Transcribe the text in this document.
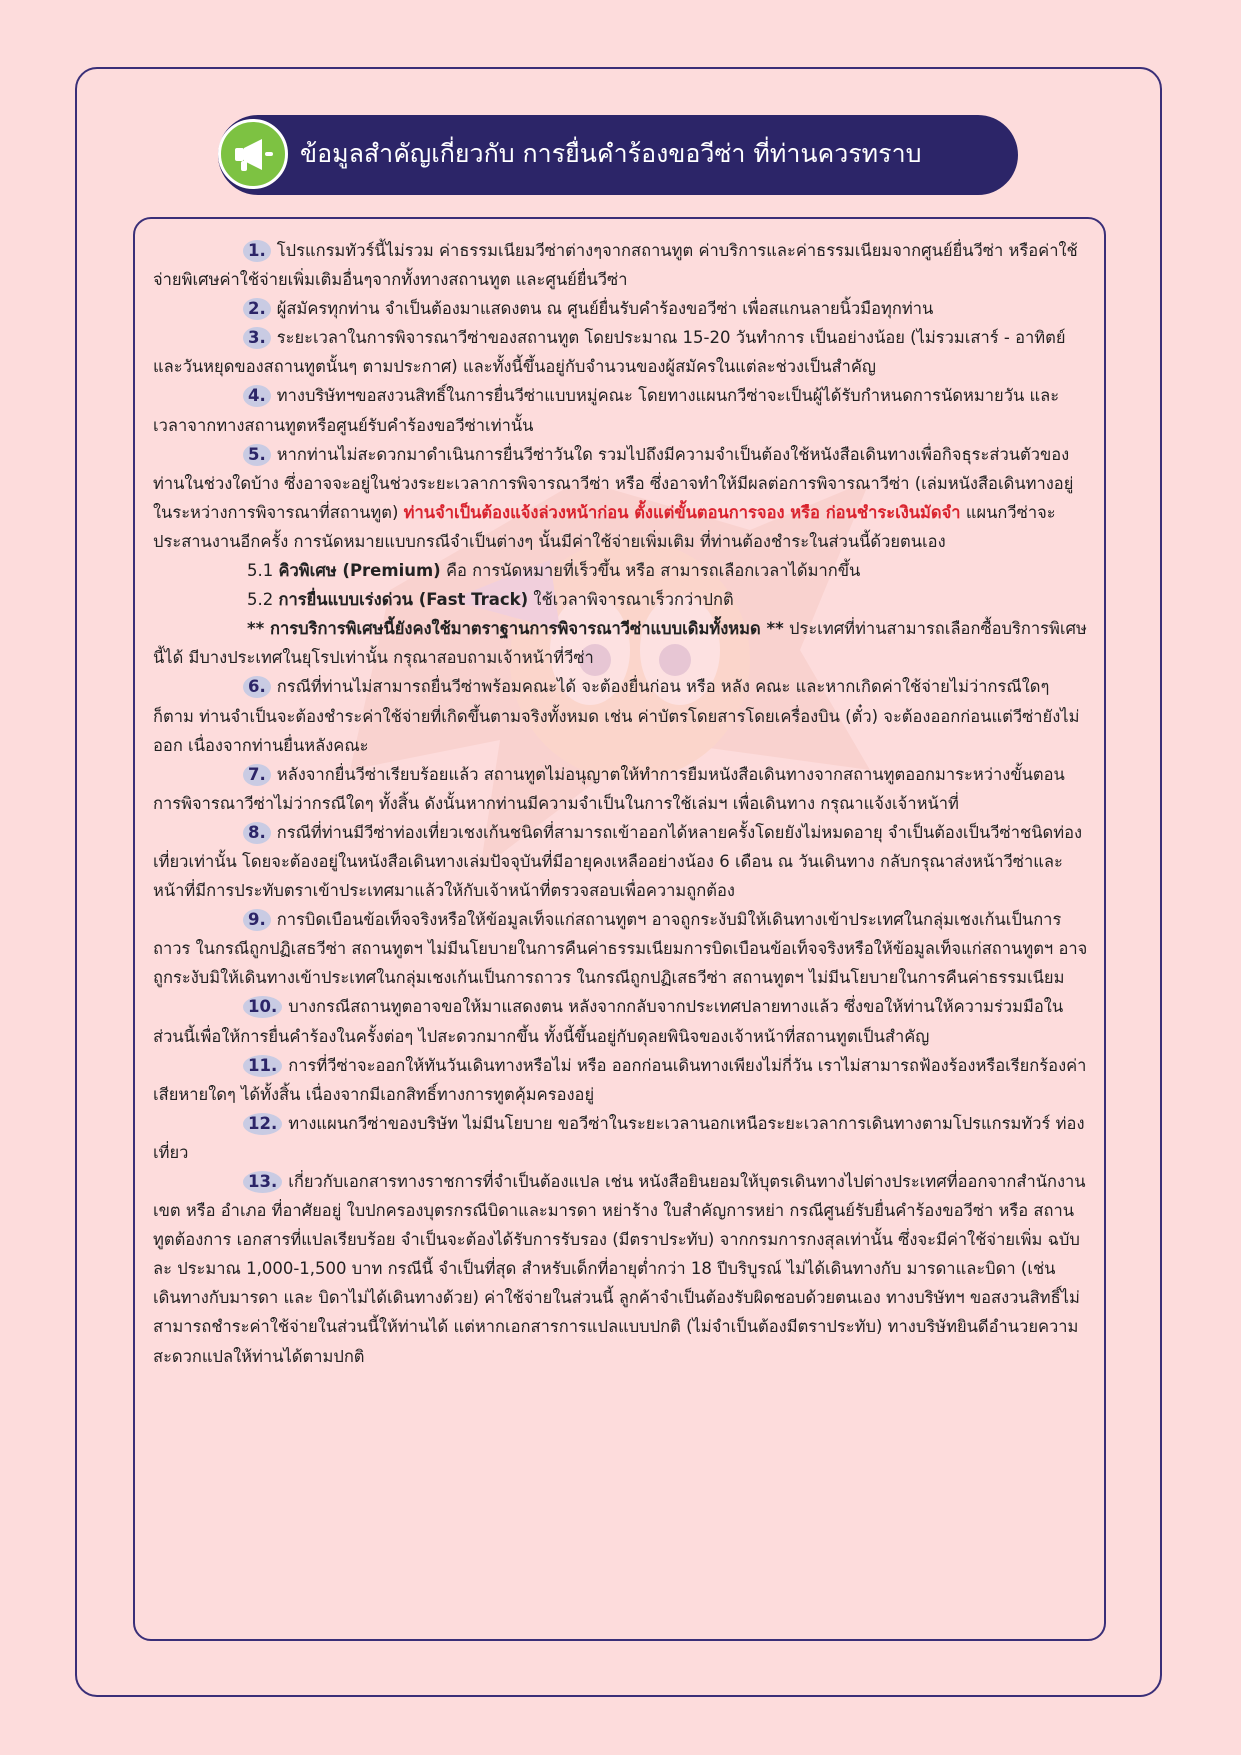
ข้อมูลสำคัญเกี่ยวกับ การยื่นคำร้องขอวีซ่า ที่ท่านควรทราบ

1. โปรแกรมทัวร์นี้ไม่รวม ค่าธรรมเนียมวีซ่าต่างๆจากสถานทูต ค่าบริการและค่าธรรมเนียมจากศูนย์ยื่นวีซ่า หรือค่าใช้จ่ายพิเศษค่าใช้จ่ายเพิ่มเติมอื่นๆจากทั้งทางสถานทูต และศูนย์ยื่นวีซ่า

2. ผู้สมัครทุกท่าน จำเป็นต้องมาแสดงตน ณ ศูนย์ยื่นรับคำร้องขอวีซ่า เพื่อสแกนลายนิ้วมือทุกท่าน

3. ระยะเวลาในการพิจารณาวีซ่าของสถานทูต โดยประมาณ 15-20 วันทำการ เป็นอย่างน้อย (ไม่รวมเสาร์ - อาทิตย์ และวันหยุดของสถานทูตนั้นๆ ตามประกาศ) และทั้งนี้ขึ้นอยู่กับจำนวนของผู้สมัครในแต่ละช่วงเป็นสำคัญ

4. ทางบริษัทฯขอสงวนสิทธิ์ในการยื่นวีซ่าแบบหมู่คณะ โดยทางแผนกวีซ่าจะเป็นผู้ได้รับกำหนดการนัดหมายวัน และเวลาจากทางสถานทูตหรือศูนย์รับคำร้องขอวีซ่าเท่านั้น

5. หากท่านไม่สะดวกมาดำเนินการยื่นวีซ่าวันใด รวมไปถึงมีความจำเป็นต้องใช้หนังสือเดินทางเพื่อกิจธุระส่วนตัวของท่านในช่วงใดบ้าง ซึ่งอาจจะอยู่ในช่วงระยะเวลาการพิจารณาวีซ่า หรือ ซึ่งอาจทำให้มีผลต่อการพิจารณาวีซ่า (เล่มหนังสือเดินทางอยู่ในระหว่างการพิจารณาที่สถานทูต) ท่านจำเป็นต้องแจ้งล่วงหน้าก่อน ตั้งแต่ขั้นตอนการจอง หรือ ก่อนชำระเงินมัดจำ แผนกวีซ่าจะประสานงานอีกครั้ง การนัดหมายแบบกรณีจำเป็นต่างๆ นั้นมีค่าใช้จ่ายเพิ่มเติม ที่ท่านต้องชำระในส่วนนี้ด้วยตนเอง

5.1 คิวพิเศษ (Premium) คือ การนัดหมายที่เร็วขึ้น หรือ สามารถเลือกเวลาได้มากขึ้น

5.2 การยื่นแบบเร่งด่วน (Fast Track) ใช้เวลาพิจารณาเร็วกว่าปกติ

** การบริการพิเศษนี้ยังคงใช้มาตราฐานการพิจารณาวีซ่าแบบเดิมทั้งหมด ** ประเทศที่ท่านสามารถเลือกซื้อบริการพิเศษนี้ได้ มีบางประเทศในยุโรปเท่านั้น กรุณาสอบถามเจ้าหน้าที่วีซ่า

6. กรณีที่ท่านไม่สามารถยื่นวีซ่าพร้อมคณะได้ จะต้องยื่นก่อน หรือ หลัง คณะ และหากเกิดค่าใช้จ่ายไม่ว่ากรณีใดๆ ก็ตาม ท่านจำเป็นจะต้องชำระค่าใช้จ่ายที่เกิดขึ้นตามจริงทั้งหมด เช่น ค่าบัตรโดยสารโดยเครื่องบิน (ตั๋ว) จะต้องออกก่อนแต่วีซ่ายังไม่ออก เนื่องจากท่านยื่นหลังคณะ

7. หลังจากยื่นวีซ่าเรียบร้อยแล้ว สถานทูตไม่อนุญาตให้ทำการยืมหนังสือเดินทางจากสถานทูตออกมาระหว่างขั้นตอนการพิจารณาวีซ่าไม่ว่ากรณีใดๆ ทั้งสิ้น ดังนั้นหากท่านมีความจำเป็นในการใช้เล่มฯ เพื่อเดินทาง กรุณาแจ้งเจ้าหน้าที่

8. กรณีที่ท่านมีวีซ่าท่องเที่ยวเชงเก้นชนิดที่สามารถเข้าออกได้หลายครั้งโดยยังไม่หมดอายุ จำเป็นต้องเป็นวีซ่าชนิดท่องเที่ยวเท่านั้น โดยจะต้องอยู่ในหนังสือเดินทางเล่มปัจจุบันที่มีอายุคงเหลืออย่างน้อง 6 เดือน ณ วันเดินทาง กลับกรุณาส่งหน้าวีซ่าและหน้าที่มีการประทับตราเข้าประเทศมาแล้วให้กับเจ้าหน้าที่ตรวจสอบเพื่อความถูกต้อง

9. การบิดเบือนข้อเท็จจริงหรือให้ข้อมูลเท็จแก่สถานทูตฯ อาจถูกระงับมิให้เดินทางเข้าประเทศในกลุ่มเชงเก้นเป็นการถาวร ในกรณีถูกปฏิเสธวีซ่า สถานทูตฯ ไม่มีนโยบายในการคืนค่าธรรมเนียมการบิดเบือนข้อเท็จจริงหรือให้ข้อมูลเท็จแก่สถานทูตฯ อาจถูกระงับมิให้เดินทางเข้าประเทศในกลุ่มเชงเก้นเป็นการถาวร ในกรณีถูกปฏิเสธวีซ่า สถานทูตฯ ไม่มีนโยบายในการคืนค่าธรรมเนียม

10. บางกรณีสถานทูตอาจขอให้มาแสดงตน หลังจากกลับจากประเทศปลายทางแล้ว ซึ่งขอให้ท่านให้ความร่วมมือในส่วนนี้เพื่อให้การยื่นคำร้องในครั้งต่อๆ ไปสะดวกมากขึ้น ทั้งนี้ขึ้นอยู่กับดุลยพินิจของเจ้าหน้าที่สถานทูตเป็นสำคัญ

11. การที่วีซ่าจะออกให้ทันวันเดินทางหรือไม่ หรือ ออกก่อนเดินทางเพียงไม่กี่วัน เราไม่สามารถฟ้องร้องหรือเรียกร้องค่าเสียหายใดๆ ได้ทั้งสิ้น เนื่องจากมีเอกสิทธิ์ทางการทูตคุ้มครองอยู่

12. ทางแผนกวีซ่าของบริษัท ไม่มีนโยบาย ขอวีซ่าในระยะเวลานอกเหนือระยะเวลาการเดินทางตามโปรแกรมทัวร์ ท่องเที่ยว

13. เกี่ยวกับเอกสารทางราชการที่จำเป็นต้องแปล เช่น หนังสือยินยอมให้บุตรเดินทางไปต่างประเทศที่ออกจากสำนักงานเขต หรือ อำเภอ ที่อาศัยอยู่ ใบปกครองบุตรกรณีบิดาและมารดา หย่าร้าง ใบสำคัญการหย่า กรณีศูนย์รับยื่นคำร้องขอวีซ่า หรือ สถานทูตต้องการ เอกสารที่แปลเรียบร้อย จำเป็นจะต้องได้รับการรับรอง (มีตราประทับ) จากกรมการกงสุลเท่านั้น ซึ่งจะมีค่าใช้จ่ายเพิ่ม ฉบับละ ประมาณ 1,000-1,500 บาท กรณีนี้ จำเป็นที่สุด สำหรับเด็กที่อายุต่ำกว่า 18 ปีบริบูรณ์ ไม่ได้เดินทางกับ มารดาและบิดา (เช่น เดินทางกับมารดา และ บิดาไม่ได้เดินทางด้วย) ค่าใช้จ่ายในส่วนนี้ ลูกค้าจำเป็นต้องรับผิดชอบด้วยตนเอง ทางบริษัทฯ ขอสงวนสิทธิ์ไม่สามารถชำระค่าใช้จ่ายในส่วนนี้ให้ท่านได้ แต่หากเอกสารการแปลแบบปกติ (ไม่จำเป็นต้องมีตราประทับ) ทางบริษัทยินดีอำนวยความสะดวกแปลให้ท่านได้ตามปกติ
